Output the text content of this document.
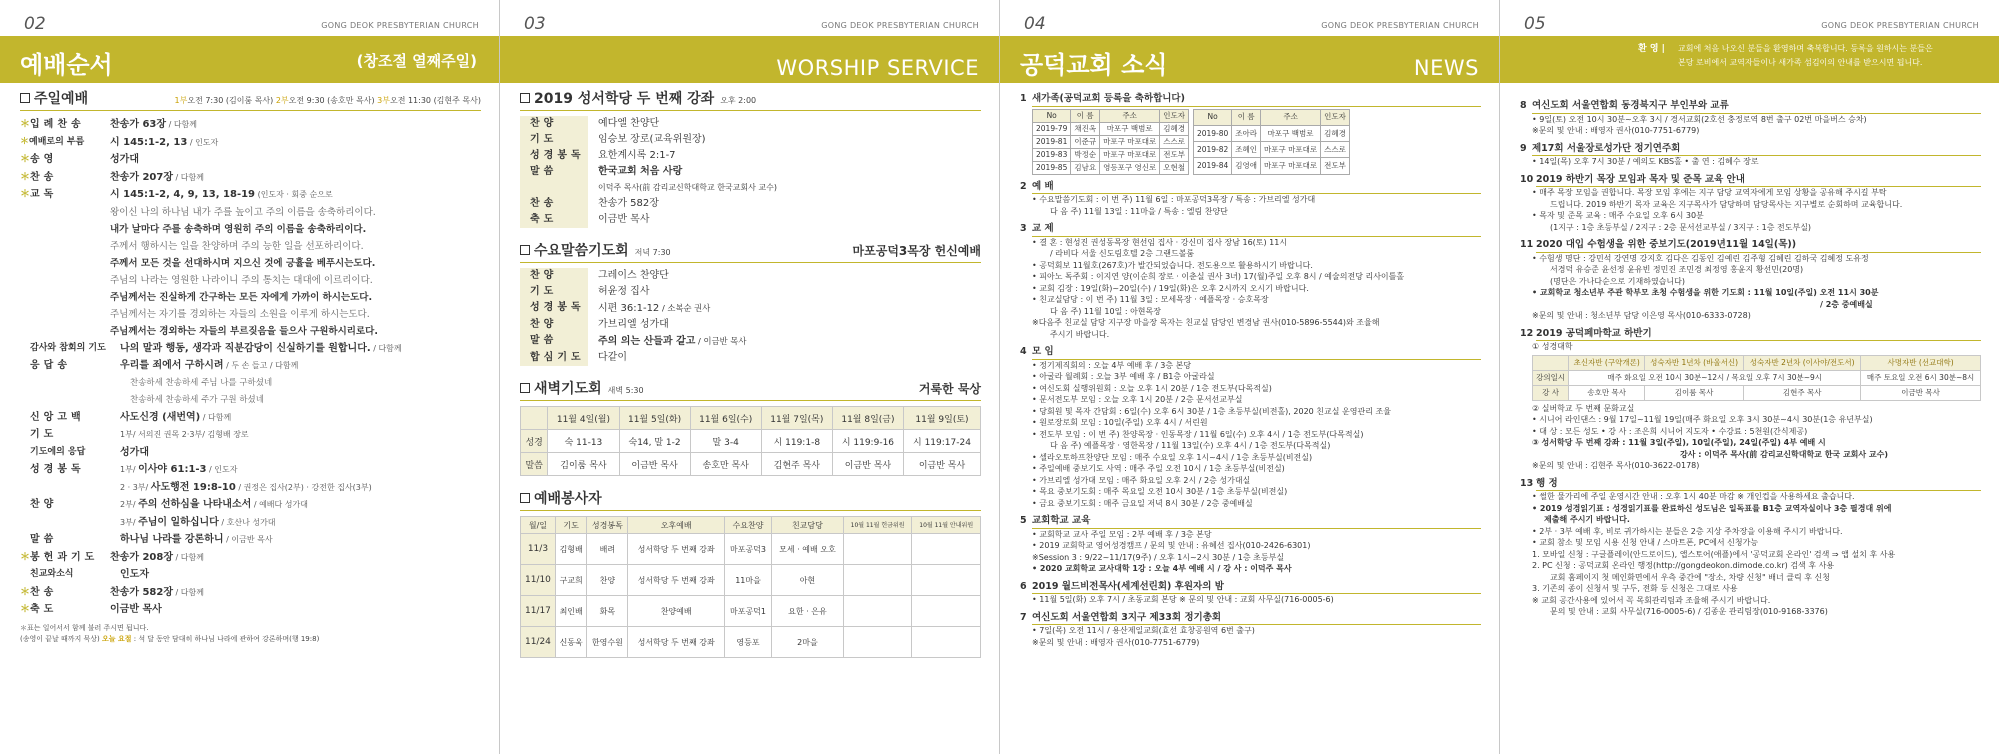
02	GONG DEOK PRESBYTERIAN CHURCH
예배순서	(창조절 열째주일)
주일예배	1부오전 7:30 (김이룸 목사) 2부오전 9:30 (송호만 목사) 3부오전 11:30 (김현주 목사)
＊ 입례찬송	찬송가 63장 / 다함께
＊ 예배로의 부름	시 145:1-2, 13 / 인도자
＊ 송영	성가대
＊ 찬송	찬송가 207장 / 다함께
＊ 교독	시 145:1-2, 4, 9, 13, 18-19 (인도자 · 회중 순으로
왕이신 나의 하나님 내가 주를 높이고 주의 이름을 송축하리이다.
내가 날마다 주를 송축하며 영원히 주의 이름을 송축하리이다.
주께서 행하시는 일을 찬양하며 주의 능한 일을 선포하리이다.
주께서 모든 것을 선대하시며 지으신 것에 긍휼을 베푸시는도다.
주님의 나라는 영원한 나라이니 주의 통치는 대대에 이르리이다.
주님께서는 진실하게 간구하는 모든 자에게 가까이 하시는도다.
주님께서는 자기를 경외하는 자들의 소원을 이루게 하시는도다.
주님께서는 경외하는 자들의 부르짖음을 들으사 구원하시리로다.
감사와 참회의 기도	나의 말과 행동, 생각과 직분감당이 신실하기를 원합니다. / 다함께
응답송	우리를 죄에서 구하시려 / 두 손 들고 / 다함께
찬송하세 찬송하세 주님 나를 구하셨네
찬송하세 찬송하세 주가 구원 하셨네
신앙고백	사도신경 (새번역) / 다함께
기도	1부/ 서의진 권목 2·3부/ 김형배 장로
기도에의 응답	성가대
성경봉독	1부/ 이사야 61:1-3 / 인도자
2 · 3부/ 사도행전 19:8-10 / 권정은 집사(2부) · 강전한 집사(3부)
찬양	2부/ 주의 선하심을 나타내소서 / 예배다 성가대
3부/ 주님이 일하십니다 / 호산나 성가대
말씀	하나님 나라를 강론하니 / 이금반 목사
＊ 봉헌과기도	찬송가 208장 / 다함께
친교와소식	인도자
＊ 찬송	찬송가 582장 / 다함께
＊ 축도	이금반 목사
＊표는 일어서서 함께 불러 주시면 됩니다.
(송영이 끝날 때까지 묵상) 오늘 요절 : 석 달 동안 담대히 하나님 나라에 관하여 강론하며(행 19:8)
03	GONG DEOK PRESBYTERIAN CHURCH
WORSHIP SERVICE
2019 성서학당 두 번째 강좌 오후 2:00
찬양	예다엘 찬양단
기도	임승보 장로(교육위원장)
성경봉독	요한계시록 2:1-7
말씀	한국교회 처음 사랑
이덕주 목사(前 감리교신학대학교 한국교회사 교수)
찬송	찬송가 582장
축도	이금반 목사
수요말씀기도회 저녁 7:30	마포공덕3목장 헌신예배
찬양	그레이스 찬양단
기도	허윤정 집사
성경봉독	시편 36:1-12 / 소복순 권사
찬양	가브리엘 성가대
말씀	주의 의는 산들과 같고 / 이금반 목사
합심기도	다같이
새벽기도회 새벽 5:30	거룩한 묵상
	11월 4일(월)	11월 5일(화)	11월 6일(수)	11월 7일(목)	11월 8일(금)	11월 9일(토)
성경	숙 11-13	숙14, 말 1-2	말 3-4	시 119:1-8	시 119:9-16	시 119:17-24
말씀	김이룸 목사	이금반 목사	송호만 목사	김현주 목사	이금반 목사	이금반 목사
예배봉사자
월/일	기도	성경봉독	오후예배	수요찬양	친교담당	10월 11월 헌금위원	10월 11월 안내위원
11/3	김형배	배려	성서학당 두 번째 강좌	마포공덕3	모세 · 예배 오호		
11/10	구교희	찬양	성서학당 두 번째 강좌	11마을	아현		
11/17	최인배	화목	찬양예배	마포공덕1	요한 · 은유		
11/24	신동욱	한영수원	성서학당 두 번째 강좌	영등포	2마을		
04	GONG DEOK PRESBYTERIAN CHURCH
공덕교회 소식	NEWS
1 새가족(공덕교회 등록을 축하합니다)
No	이 름	주소	인도자
2019-79	채진옥	마포구 백범로	김혜경
2019-81	이준규	마포구 마포대로	스스로
2019-83	박정순	마포구 마포대로	전도부
2019-85	김남요	영등포구 영신로	오현철
No	이 름	주소	인도자
2019-80	조아라	마포구 백범로	김혜경
2019-82	조혜인	마포구 마포대로	스스로
2019-84	김영애	마포구 마포대로	전도부
2 예 배
• 수요말씀기도회 : 이 번 주) 11월 6일 : 마포공덕3목장 / 특송 : 가브리엘 성가대
다 음 주) 11월 13일 : 11마을 / 특송 : 엘림 찬양단
3 교 제
• 결 혼 : 현성진 권성동목장 현선임 집사 · 강신미 집사 장남 16(토) 11시
/ 라비다 서울 신도림호텔 2층 그랜드볼룸
• 공덕회보 11월호(267호)가 발간되었습니다. 전도용으로 활용하시기 바랍니다.
• 피아노 독주회 : 이지연 양(이순희 장로 · 이춘실 권사 3녀) 17(월)주일 오후 8시 / 예술의전당 리사이틀홀
• 교회 김장 : 19일(화)~20일(수) / 19일(화)은 오후 2시까지 오시기 바랍니다.
• 친교실담당 : 이 번 주) 11월 3일 : 모세목장 · 예플목장 · 승호목장
다 음 주) 11월 10일 : 아현목장
※다음주 친교실 담당 지구장 마을장 목자는 친교실 담당인 변경남 권사(010-5896-5544)와 조율해
주시기 바랍니다.
4 모 임
• 정기제직회의 : 오늘 4부 예배 후 / 3층 본당
• 아굴라 월례회 : 오늘 3부 예배 후 / B1층 아굴라실
• 여신도회 실행위원회 : 오늘 오후 1시 20분 / 1층 전도부(다목적실)
• 문서전도부 모임 : 오늘 오후 1시 20분 / 2층 문서선교부실
• 당회원 및 목자 간담회 : 6일(수) 오후 6시 30분 / 1층 초등부실(비전홀), 2020 친교실 운영관리 조율
• 원로장로회 모임 : 10일(주일) 오후 4시 / 서린원
• 전도부 모임 : 이 번 주) 찬양목장 · 인동목장 / 11월 6일(수) 오후 4시 / 1층 전도부(다목적실)
다 음 주) 예플목장 · 영한목장 / 11월 13일(수) 오후 4시 / 1층 전도부(다목적실)
• 셀라오토하프찬양단 모임 : 매주 수요일 오후 1시~4시 / 1층 초등부실(비전실)
• 주일예배 중보기도 사역 : 매주 주일 오전 10시 / 1층 초등부실(비전실)
• 가브리엘 성가대 모임 : 매주 화요일 오후 2시 / 2층 성가대실
• 목요 중보기도회 : 매주 목요일 오전 10시 30분 / 1층 초등부실(비전실)
• 금요 중보기도회 : 매주 금요일 저녁 8시 30분 / 2층 중예배실
5 교회학교 교육
• 교회학교 교사 주일 모임 : 2부 예배 후 / 3층 본당
• 2019 교회학교 영어성경캠프 / 문의 및 안내 : 유혜선 집사(010-2426-6301)
※Session 3 : 9/22~11/17(9주) / 오후 1시~2시 30분 / 1층 초등부실
• 2020 교회학교 교사대학 1강 : 오늘 4부 예배 시 / 강 사 : 이덕주 목사
6 2019 월드비전목사(세계선린회) 후원자의 밤
• 11월 5일(화) 오후 7시 / 초동교회 본당 ※ 문의 및 안내 : 교회 사무실(716-0005-6)
7 여신도회 서울연합회 3지구 제33회 정기총회
• 7일(목) 오전 11시 / 용산제일교회(효선 효창공원역 6번 출구)
※문의 및 안내 : 배영자 권사(010-7751-6779)
05	GONG DEOK PRESBYTERIAN CHURCH
환 영 | 교회에 처음 나오신 분들을 환영하며 축복합니다. 등록을 원하시는 분들은
본당 로비에서 교역자들이나 새가족 섬김이의 안내를 받으시면 됩니다.
8 여신도회 서울연합회 동경북지구 부인부와 교류
• 9일(토) 오전 10시 30분~오후 3시 / 경서교회(2호선 충정로역 8번 출구 02번 마을버스 승차)
※문의 및 안내 : 배영자 권사(010-7751-6779)
9 제17회 서울장로성가단 정기연주회
• 14일(목) 오후 7시 30분 / 예의도 KBS홀 • 출 연 : 김혜수 장로
10 2019 하반기 목장 모임과 목자 및 준목 교육 안내
• 매주 목장 모임을 권합니다. 목장 모임 후에는 지구 담당 교역자에게 모임 상황을 공유해 주시길 부탁
드립니다. 2019 하반기 목자 교육은 지구목사가 담당하며 담당목사는 지구별로 순회하며 교육합니다.
• 목자 및 준목 교육 : 매주 수요일 오후 6시 30분
(1지구 : 1층 초등부실 / 2지구 : 2층 문서선교부실 / 3지구 : 1층 전도부실)
11 2020 대입 수험생을 위한 중보기도(2019년11월 14일(목))
• 수험생 명단 : 강민석 강연명 강지호 김다은 김동인 김예린 김주형 김혜린 김하국 김혜정 도유정
서경덕 유승준 윤선정 윤유빈 정민진 조민경 최정영 홍윤지 황선민(20명)
(명단은 가나다순으로 기재하였습니다)
• 교회학교 청소년부 주관 학부모 초청 수험생을 위한 기도회 : 11월 10일(주일) 오전 11시 30분
/ 2층 중예배실
※문의 및 안내 : 청소년부 담당 이은영 목사(010-6333-0728)
12 2019 공덕페마학교 하반기
① 성경대학
	초신자반 (구약개론)	성숙자반 1년차 (바울서신)	성숙자반 2년차 (이사야/전도서)	사명자반 (선교대학)
강의일시	매주 화요일 오전 10시 30분~12시 / 목요일 오후 7시 30분~9시			매주 토요일 오전 6시 30분~8시
강 사	송호만 목사	김이룸 목사	김현주 목사	이금반 목사
② 실버학교 두 번째 문화교실
• 시니어 라인댄스 : 9월 17일~11월 19일(매주 화요일 오후 3시 30분~4시 30분(1층 유년부실)
• 대 상 : 모든 성도 • 강 사 : 조은희 시니어 지도자 • 수강료 : 5천원(간식제공)
③ 성서학당 두 번째 강좌 : 11월 3일(주일), 10일(주일), 24일(주일) 4부 예배 시
강사 : 이덕주 목사(前 감리교신학대학교 한국 교회사 교수)
※문의 및 안내 : 김현주 목사(010-3622-0178)
13 행 정
• 썰한 물가리에 주일 운영시간 안내 : 오후 1시 40분 마감 ※ 개인컵을 사용하세요 출습니다.
• 2019 성경읽기표 : 성경읽기표를 완료하신 성도님은 일독표를 B1층 교역자실이나 3층 필경대 위에
제출해 주시기 바랍니다.
• 2부 · 3부 예배 후, 비로 귀가하시는 분들은 2층 지상 주차장을 이용해 주시기 바랍니다.
• 교회 참소 및 모임 시용 신청 안내 / 스마트폰, PC에서 신청가능
1. 모바일 신청 : 구글플레이(안드로이드), 앱스토어(애플)에서 '공덕교회 온라인' 검색 ⇒ 앱 설치 후 사용
2. PC 신청 : 공덕교회 온라인 행정(http://gongdeokon.dimode.co.kr) 검색 후 사용
교회 홈페이지 첫 메인화면에서 우측 중간에 "장소, 차량 신청" 배너 클릭 후 신청
3. 기존의 종이 신청서 및 구두, 전화 등 신청은 그대로 사용
※ 교회 공간사용에 있어서 꼭 목회관리팀과 조율해 주시기 바랍니다.
문의 및 안내 : 교회 사무실(716-0005-6) / 김종운 관리팀장(010-9168-3376)
